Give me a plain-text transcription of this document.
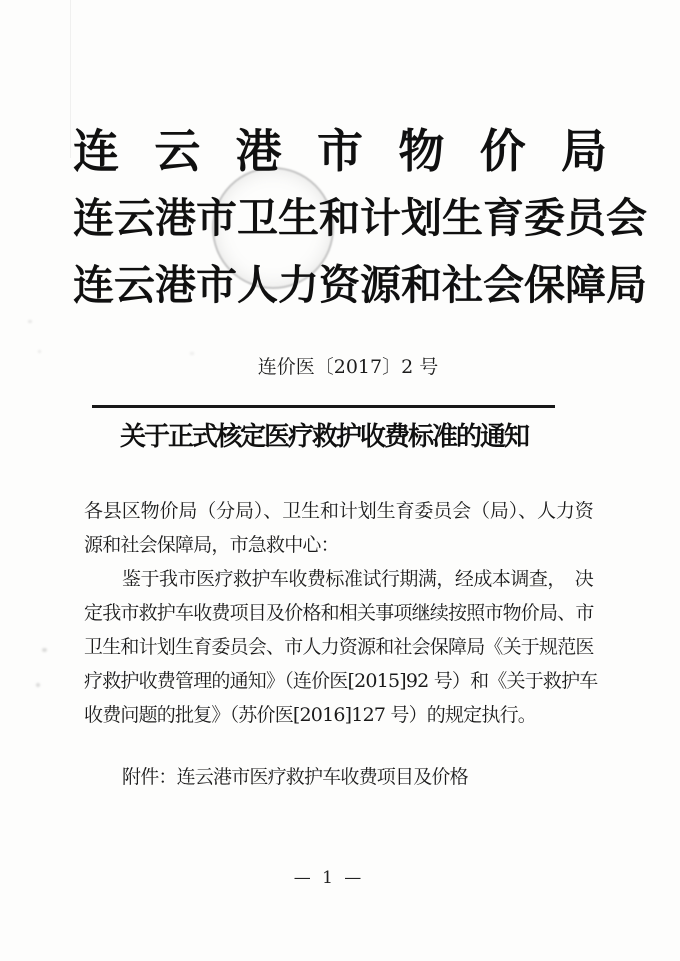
连云港市物价局
连云港市卫生和计划生育委员会
连云港市人力资源和社会保障局
连价医〔2017〕2 号
关于正式核定医疗救护收费标准的通知
各县区物价局（分局）、卫生和计划生育委员会（局）、人力资
源和社会保障局，市急救中心：
鉴于我市医疗救护车收费标准试行期满，经成本调查，　决
定我市救护车收费项目及价格和相关事项继续按照市物价局、市
卫生和计划生育委员会、市人力资源和社会保障局《关于规范医
疗救护收费管理的通知》（连价医[2015]92 号）和《关于救护车
收费问题的批复》（苏价医[2016]127 号）的规定执行。
附件：连云港市医疗救护车收费项目及价格
— 1 —
